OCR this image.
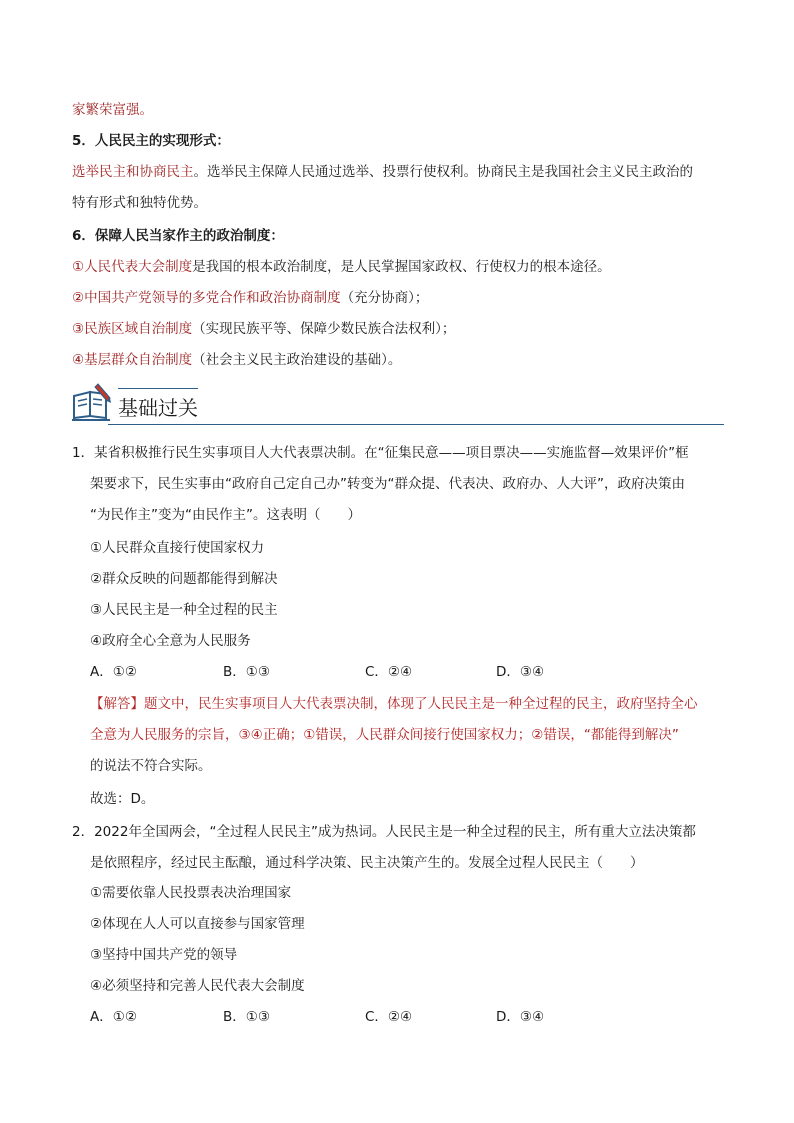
家繁荣富强。
5．人民民主的实现形式：
选举民主和协商民主。选举民主保障人民通过选举、投票行使权利。协商民主是我国社会主义民主政治的
特有形式和独特优势。
6．保障人民当家作主的政治制度：
①人民代表大会制度是我国的根本政治制度，是人民掌握国家政权、行使权力的根本途径。
②中国共产党领导的多党合作和政治协商制度（充分协商）；
③民族区域自治制度（实现民族平等、保障少数民族合法权利）；
④基层群众自治制度（社会主义民主政治建设的基础）。
基础过关
1．某省积极推行民生实事项目人大代表票决制。在“征集民意——项目票决——实施监督—效果评价”框
架要求下，民生实事由“政府自己定自己办”转变为“群众提、代表决、政府办、人大评”，政府决策由
“为民作主”变为“由民作主”。这表明（　　）
①人民群众直接行使国家权力
②群众反映的问题都能得到解决
③人民民主是一种全过程的民主
④政府全心全意为人民服务
A．①②	B．①③	C．②④	D．③④
【解答】题文中，民生实事项目人大代表票决制，体现了人民民主是一种全过程的民主，政府坚持全心
全意为人民服务的宗旨，③④正确；①错误，人民群众间接行使国家权力；②错误，“都能得到解决”
的说法不符合实际。
故选：D。
2．2022年全国两会，“全过程人民民主”成为热词。人民民主是一种全过程的民主，所有重大立法决策都
是依照程序，经过民主酝酿，通过科学决策、民主决策产生的。发展全过程人民民主（　　）
①需要依靠人民投票表决治理国家
②体现在人人可以直接参与国家管理
③坚持中国共产党的领导
④必须坚持和完善人民代表大会制度
A．①②	B．①③	C．②④	D．③④
